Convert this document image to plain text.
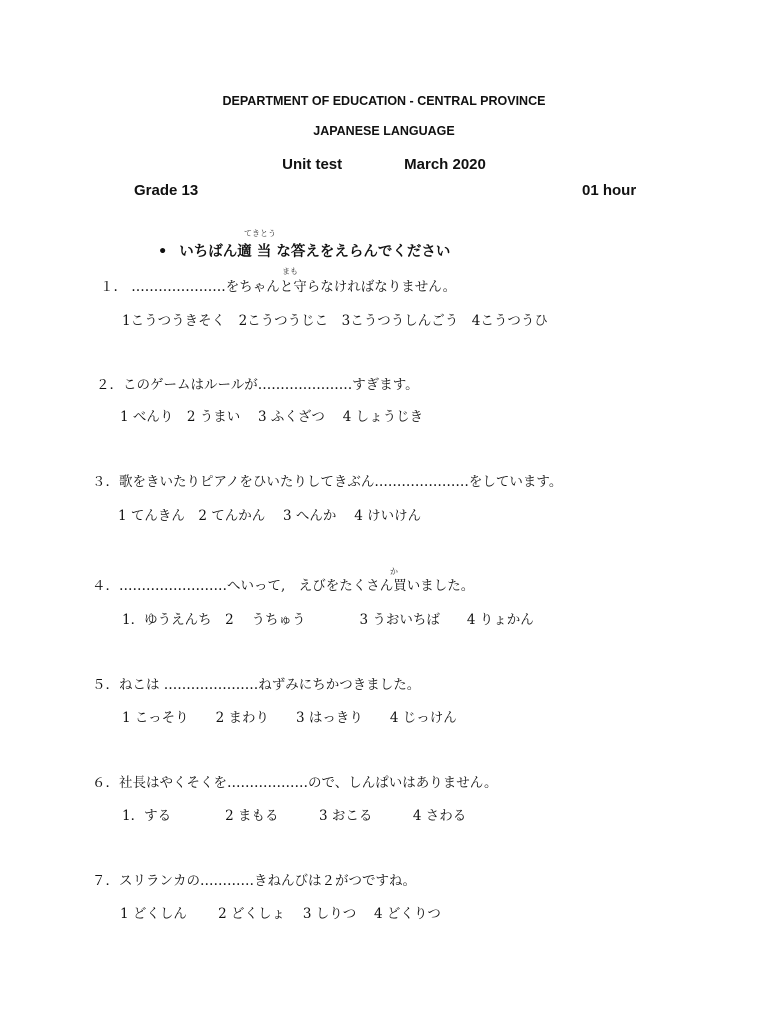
DEPARTMENT OF EDUCATION - CENTRAL PROVINCE
JAPANESE LANGUAGE
Unit test	March 2020
Grade 13	01 hour
てきとう
• いちばん適 当 な答えをえらんでください
まも
１.　…………………をちゃんと守らなければなりません。
1こうつうきそく　2こうつうじこ　3こうつうしんごう　4こうつうひ
２．このゲームはルールが…………………すぎます。
1 べんり　2 うまい　 3 ふくざつ　 4 しょうじき
３．歌をきいたりピアノをひいたりしてきぶん…………………をしています。
1 てんきん　2 てんかん　 3 へんか　 4 けいけん
か
４．……………………へいって,　えびをたくさん買いました。
1．ゆうえんち　2　 うちゅう　　　　3 うおいちば　　4 りょかん
５．ねこは …………………ねずみにちかつきました。
1 こっそり　　2 まわり　　3 はっきり　　4 じっけん
６．社長はやくそくを………………ので、しんぱいはありません。
1．する　　　　2 まもる　　　3 おこる　　　4 さわる
７．スリランカの…………きねんびは２がつですね。
1 どくしん　　 2 どくしょ　 3 しりつ　 4 どくりつ
